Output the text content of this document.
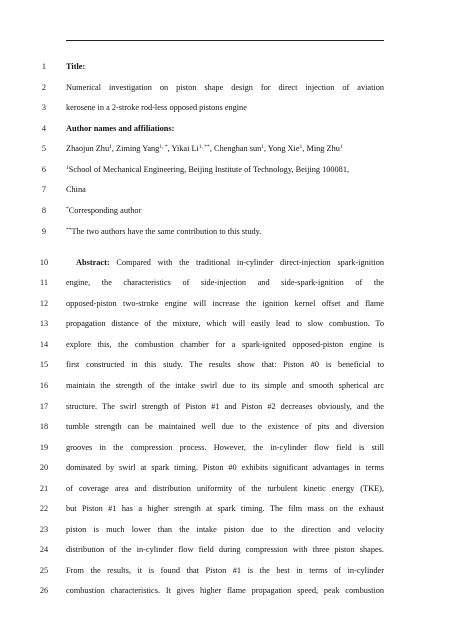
1	Title:
2	Numerical investigation on piston shape design for direct injection of aviation
3	kerosene in a 2-stroke rod-less opposed pistons engine
4	Author names and affiliations:
5	Zhaojun Zhu$^1$, Ziming Yang$^{1, *}$, Yikai $Li^{1, **}$, Chenghan sun$^1$, Yong Xie$^1$, Ming Zhu$^1$
6	$^1$School of Mechanical Engineering, Beijing Institute of Technology, Beijing 100081,
7	China
8	*Corresponding author
9	**The two authors have the same contribution to this study.
10	Abstract: Compared with the traditional in-cylinder direct-injection spark-ignition
11	engine, the characteristics of side-injection and side-spark-ignition of the
12	opposed-piston two-stroke engine will increase the ignition kernel offset and flame
13	propagation distance of the mixture, which will easily lead to slow combustion. To
14	explore this, the combustion chamber for a spark-ignited opposed-piston engine is
15	first constructed in this study. The results show that: Piston #0 is beneficial to
16	maintain the strength of the intake swirl due to its simple and smooth spherical arc
17	structure. The swirl strength of Piston #1 and Piston #2 decreases obviously, and the
18	tumble strength can be maintained well due to the existence of pits and diversion
19	grooves in the compression process. However, the in-cylinder flow field is still
20	dominated by swirl at spark timing. Piston #0 exhibits significant advantages in terms
21	of coverage area and distribution uniformity of the turbulent kinetic energy (TKE),
22	but Piston #1 has a higher strength at spark timing. The film mass on the exhaust
23	piston is much lower than the intake piston due to the direction and velocity
24	distribution of the in-cylinder flow field during compression with three piston shapes.
25	From the results, it is found that Piston #1 is the best in terms of in-cylinder
26	combustion characteristics. It gives higher flame propagation speed, peak combustion
